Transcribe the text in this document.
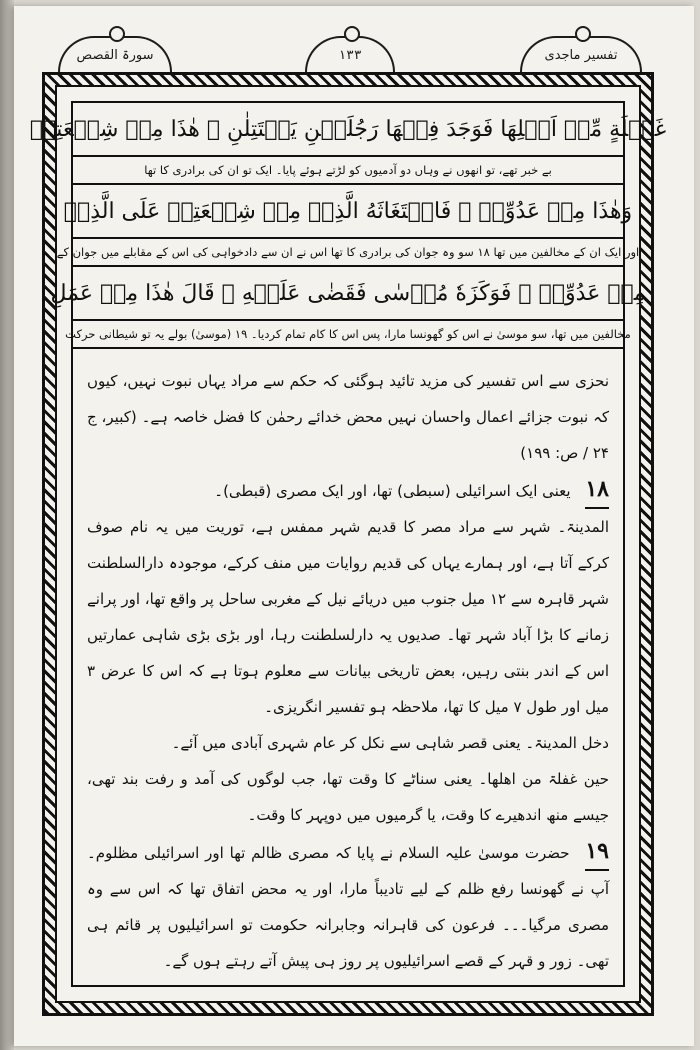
سورۃ القصص	۱۳۳	تفسیر ماجدی
غَفۡلَةٍ مِّنۡ اَهۡلِهَا فَوَجَدَ فِيۡهَا رَجُلَيۡنِ يَقۡتَتِلٰنِ ؗ هٰذَا مِنۡ شِيۡعَتِهٖ
بے خبر تھے، تو انھوں نے وہاں دو آدمیوں کو لڑتے ہوئے پایا۔ ایک تو ان کی برادری کا تھا
وَهٰذَا مِنۡ عَدُوِّهٖ ۚ فَاسۡتَغَاثَهُ الَّذِىۡ مِنۡ شِيۡعَتِهٖ عَلَى الَّذِىۡ
اور ایک ان کے مخالفین میں تھا ۱۸ سو وہ جوان کی برادری کا تھا اس نے ان سے دادخواہی کی اس کے مقابلے میں جوان کے
مِنۡ عَدُوِّهٖ ۙ فَوَكَزَهٗ مُوۡسٰى فَقَضٰى عَلَيۡهِ ۖ قَالَ هٰذَا مِنۡ عَمَلِ
مخالفین میں تھا، سو موسیٰ نے اس کو گھونسا مارا، پس اس کا کام تمام کردیا۔ ۱۹ (موسیٰ) بولے یہ تو شیطانی حرکت

نحزی سے اس تفسیر کی مزید تائید ہوگئی کہ حکم سے مراد یہاں نبوت نہیں، کیوں کہ نبوت جزائے اعمال واحسان نہیں محض خدائے رحمٰن کا فضل خاصہ ہے۔ (کبیر، ج ۲۴ / ص: ۱۹۹)

۱۸ یعنی ایک اسرائیلی (سبطی) تھا، اور ایک مصری (قبطی)۔

المدینۃ۔ شہر سے مراد مصر کا قدیم شہر ممفس ہے، توریت میں یہ نام صوف کرکے آتا ہے، اور ہمارے یہاں کی قدیم روایات میں منف کرکے، موجودہ دارالسلطنت شہر قاہرہ سے ۱۲ میل جنوب میں دریائے نیل کے مغربی ساحل پر واقع تھا، اور پرانے زمانے کا بڑا آباد شہر تھا۔ صدیوں یہ دارلسلطنت رہا، اور بڑی بڑی شاہی عمارتیں اس کے اندر بنتی رہیں، بعض تاریخی بیانات سے معلوم ہوتا ہے کہ اس کا عرض ۳ میل اور طول ۷ میل کا تھا، ملاحظہ ہو تفسیر انگریزی۔

دخل المدینۃ۔ یعنی قصر شاہی سے نکل کر عام شہری آبادی میں آئے۔

حین غفلۃ من اھلھا۔ یعنی سناٹے کا وقت تھا، جب لوگوں کی آمد و رفت بند تھی، جیسے منھ اندھیرے کا وقت، یا گرمیوں میں دوپہر کا وقت۔

۱۹ حضرت موسیٰ علیہ السلام نے پایا کہ مصری ظالم تھا اور اسرائیلی مظلوم۔ آپ نے گھونسا رفع ظلم کے لیے تادیباً مارا، اور یہ محض اتفاق تھا کہ اس سے وہ مصری مرگیا۔۔۔ فرعون کی قاہرانہ وجابرانہ حکومت تو اسرائیلیوں پر قائم ہی تھی۔ زور و قہر کے قصے اسرائیلیوں پر روز ہی پیش آتے رہتے ہوں گے۔
